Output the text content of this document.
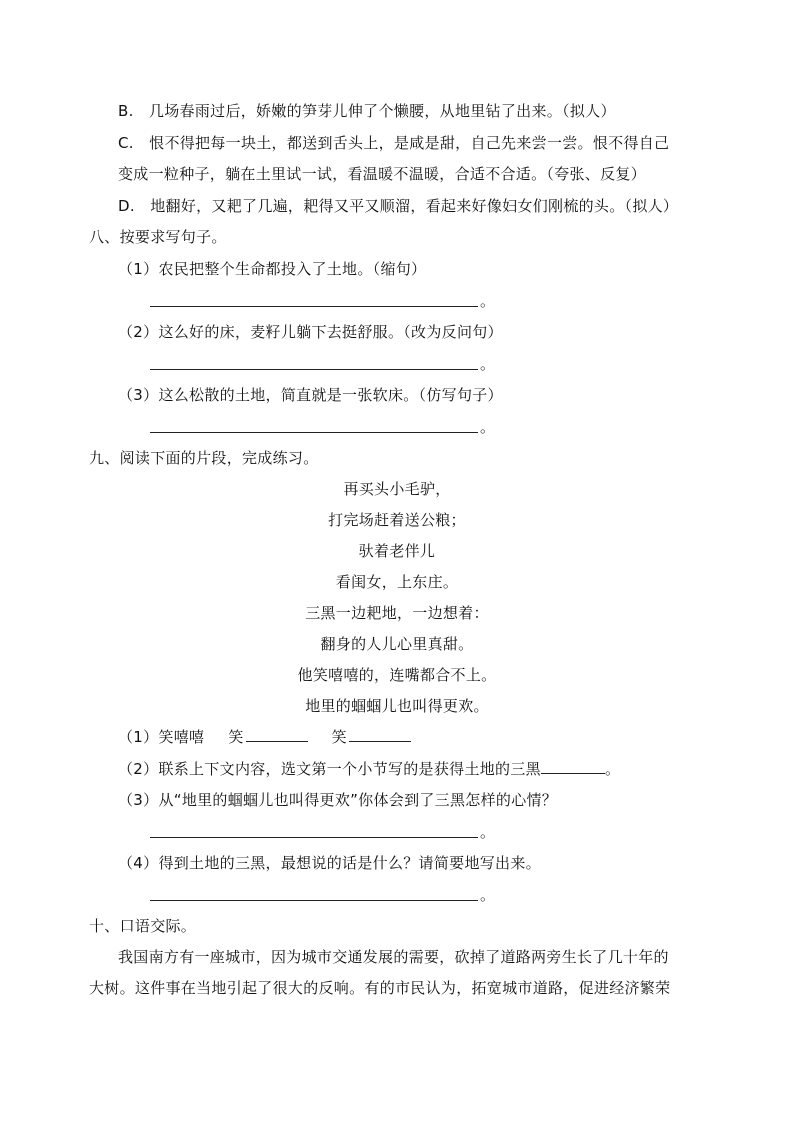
B.　几场春雨过后，娇嫩的笋芽儿伸了个懒腰，从地里钻了出来。（拟人）
C.　恨不得把每一块土，都送到舌头上，是咸是甜，自己先来尝一尝。恨不得自己
变成一粒种子，躺在土里试一试，看温暖不温暖，合适不合适。（夸张、反复）
D.　地翻好，又耙了几遍，耙得又平又顺溜，看起来好像妇女们刚梳的头。（拟人）
八、按要求写句子。
（1）农民把整个生命都投入了土地。（缩句）
。
（2）这么好的床，麦籽儿躺下去挺舒服。（改为反问句）
。
（3）这么松散的土地，简直就是一张软床。（仿写句子）
。
九、阅读下面的片段，完成练习。
再买头小毛驴，
打完场赶着送公粮；
驮着老伴儿
看闺女，上东庄。
三黑一边耙地，一边想着：
翻身的人儿心里真甜。
他笑嘻嘻的，连嘴都合不上。
地里的蝈蝈儿也叫得更欢。
（1）笑嘻嘻 笑	笑
（2）联系上下文内容，选文第一个小节写的是获得土地的三黑	。
（3）从“地里的蝈蝈儿也叫得更欢”你体会到了三黑怎样的心情？
。
（4）得到土地的三黑，最想说的话是什么？请简要地写出来。
。
十、口语交际。
我国南方有一座城市，因为城市交通发展的需要，砍掉了道路两旁生长了几十年的
大树。这件事在当地引起了很大的反响。有的市民认为，拓宽城市道路，促进经济繁荣
